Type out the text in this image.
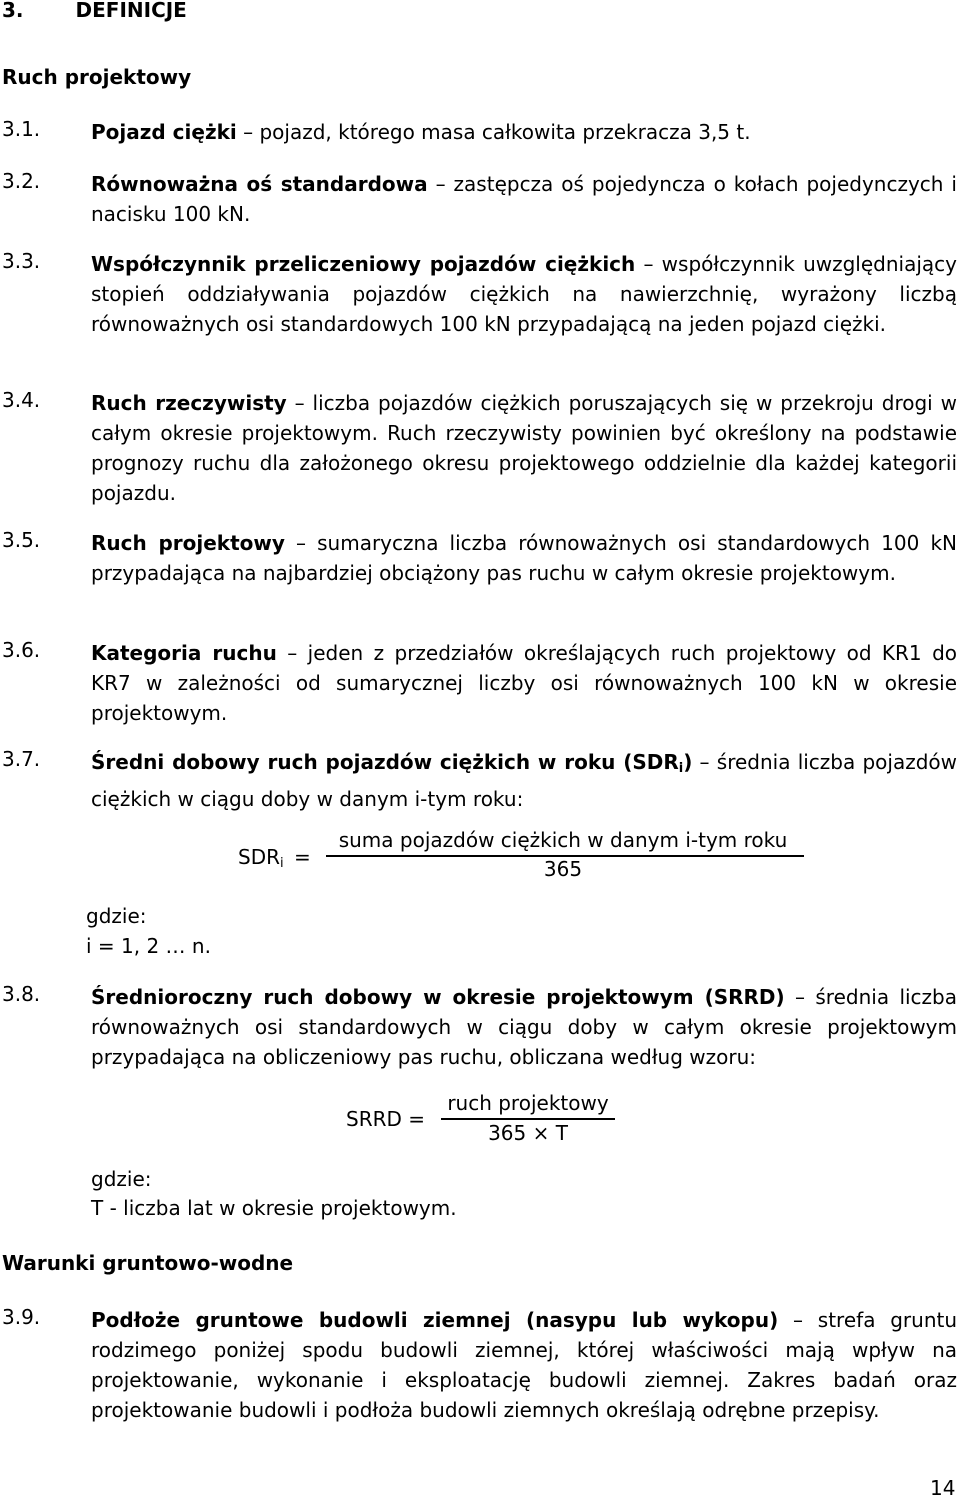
3.	DEFINICJE
Ruch projektowy
3.1.	Pojazd ciężki – pojazd, którego masa całkowita przekracza 3,5 t.
3.2.	Równoważna oś standardowa – zastępcza oś pojedyncza o kołach pojedynczych i nacisku 100 kN.
3.3.	Współczynnik przeliczeniowy pojazdów ciężkich – współczynnik uwzględniający stopień oddziaływania pojazdów ciężkich na nawierzchnię, wyrażony liczbą równoważnych osi standardowych 100 kN przypadającą na jeden pojazd ciężki.
3.4.	Ruch rzeczywisty – liczba pojazdów ciężkich poruszających się w przekroju drogi w całym okresie projektowym. Ruch rzeczywisty powinien być określony na podstawie prognozy ruchu dla założonego okresu projektowego oddzielnie dla każdej kategorii pojazdu.
3.5.	Ruch projektowy – sumaryczna liczba równoważnych osi standardowych 100 kN przypadająca na najbardziej obciążony pas ruchu w całym okresie projektowym.
3.6.	Kategoria ruchu – jeden z przedziałów określających ruch projektowy od KR1 do KR7 w zależności od sumarycznej liczby osi równoważnych 100 kN w okresie projektowym.
3.7.	Średni dobowy ruch pojazdów ciężkich w roku $(SDR_i)$ – średnia liczba pojazdów ciężkich w ciągu doby w danym i-tym roku:
$SDR_i$ =
suma pojazdów ciężkich w danym i-tym roku
365
gdzie:
i = 1, 2 … n.
3.8.	Średnioroczny ruch dobowy w okresie projektowym (SRRD) – średnia liczba równoważnych osi standardowych w ciągu doby w całym okresie projektowym przypadająca na obliczeniowy pas ruchu, obliczana według wzoru:
SRRD =
ruch projektowy
365 × T
gdzie:
T - liczba lat w okresie projektowym.
Warunki gruntowo-wodne
3.9.	Podłoże gruntowe budowli ziemnej (nasypu lub wykopu) – strefa gruntu rodzimego poniżej spodu budowli ziemnej, której właściwości mają wpływ na projektowanie, wykonanie i eksploatację budowli ziemnej. Zakres badań oraz projektowanie budowli i podłoża budowli ziemnych określają odrębne przepisy.
14
